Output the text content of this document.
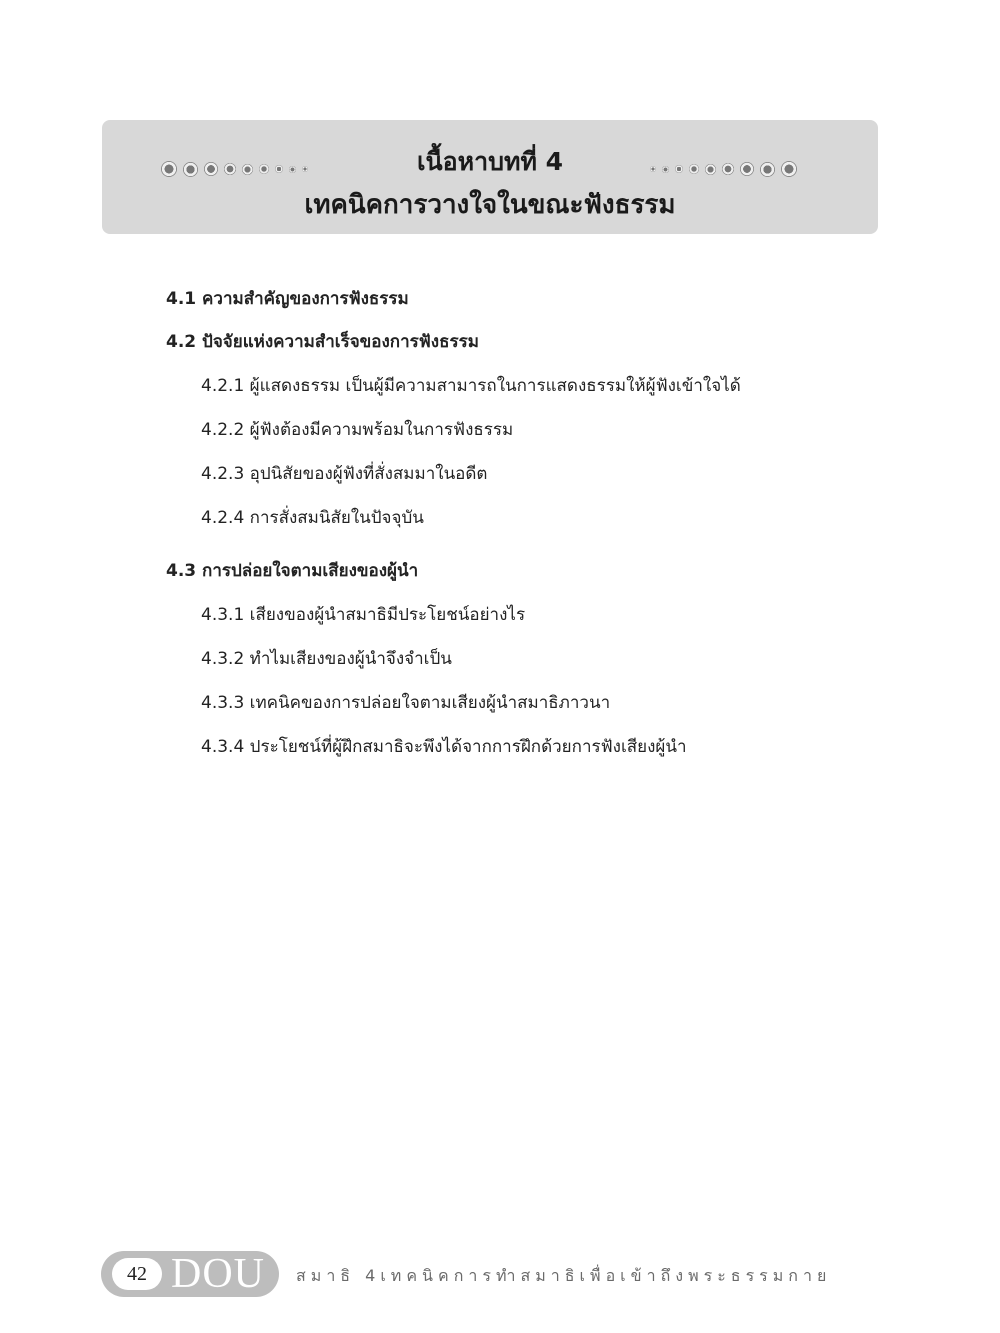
เนื้อหาบทที่ 4
เทคนิคการวางใจในขณะฟังธรรม
4.1 ความสำคัญของการฟังธรรม
4.2 ปัจจัยแห่งความสำเร็จของการฟังธรรม
4.2.1 ผู้แสดงธรรม เป็นผู้มีความสามารถในการแสดงธรรมให้ผู้ฟังเข้าใจได้
4.2.2 ผู้ฟังต้องมีความพร้อมในการฟังธรรม
4.2.3 อุปนิสัยของผู้ฟังที่สั่งสมมาในอดีต
4.2.4 การสั่งสมนิสัยในปัจจุบัน
4.3 การปล่อยใจตามเสียงของผู้นำ
4.3.1 เสียงของผู้นำสมาธิมีประโยชน์อย่างไร
4.3.2 ทำไมเสียงของผู้นำจึงจำเป็น
4.3.3 เทคนิคของการปล่อยใจตามเสียงผู้นำสมาธิภาวนา
4.3.4 ประโยชน์ที่ผู้ฝึกสมาธิจะพึงได้จากการฝึกด้วยการฟังเสียงผู้นำ
42 DOU สมาธิ 4เทคนิคการทำสมาธิเพื่อเข้าถึงพระธรรมกาย
